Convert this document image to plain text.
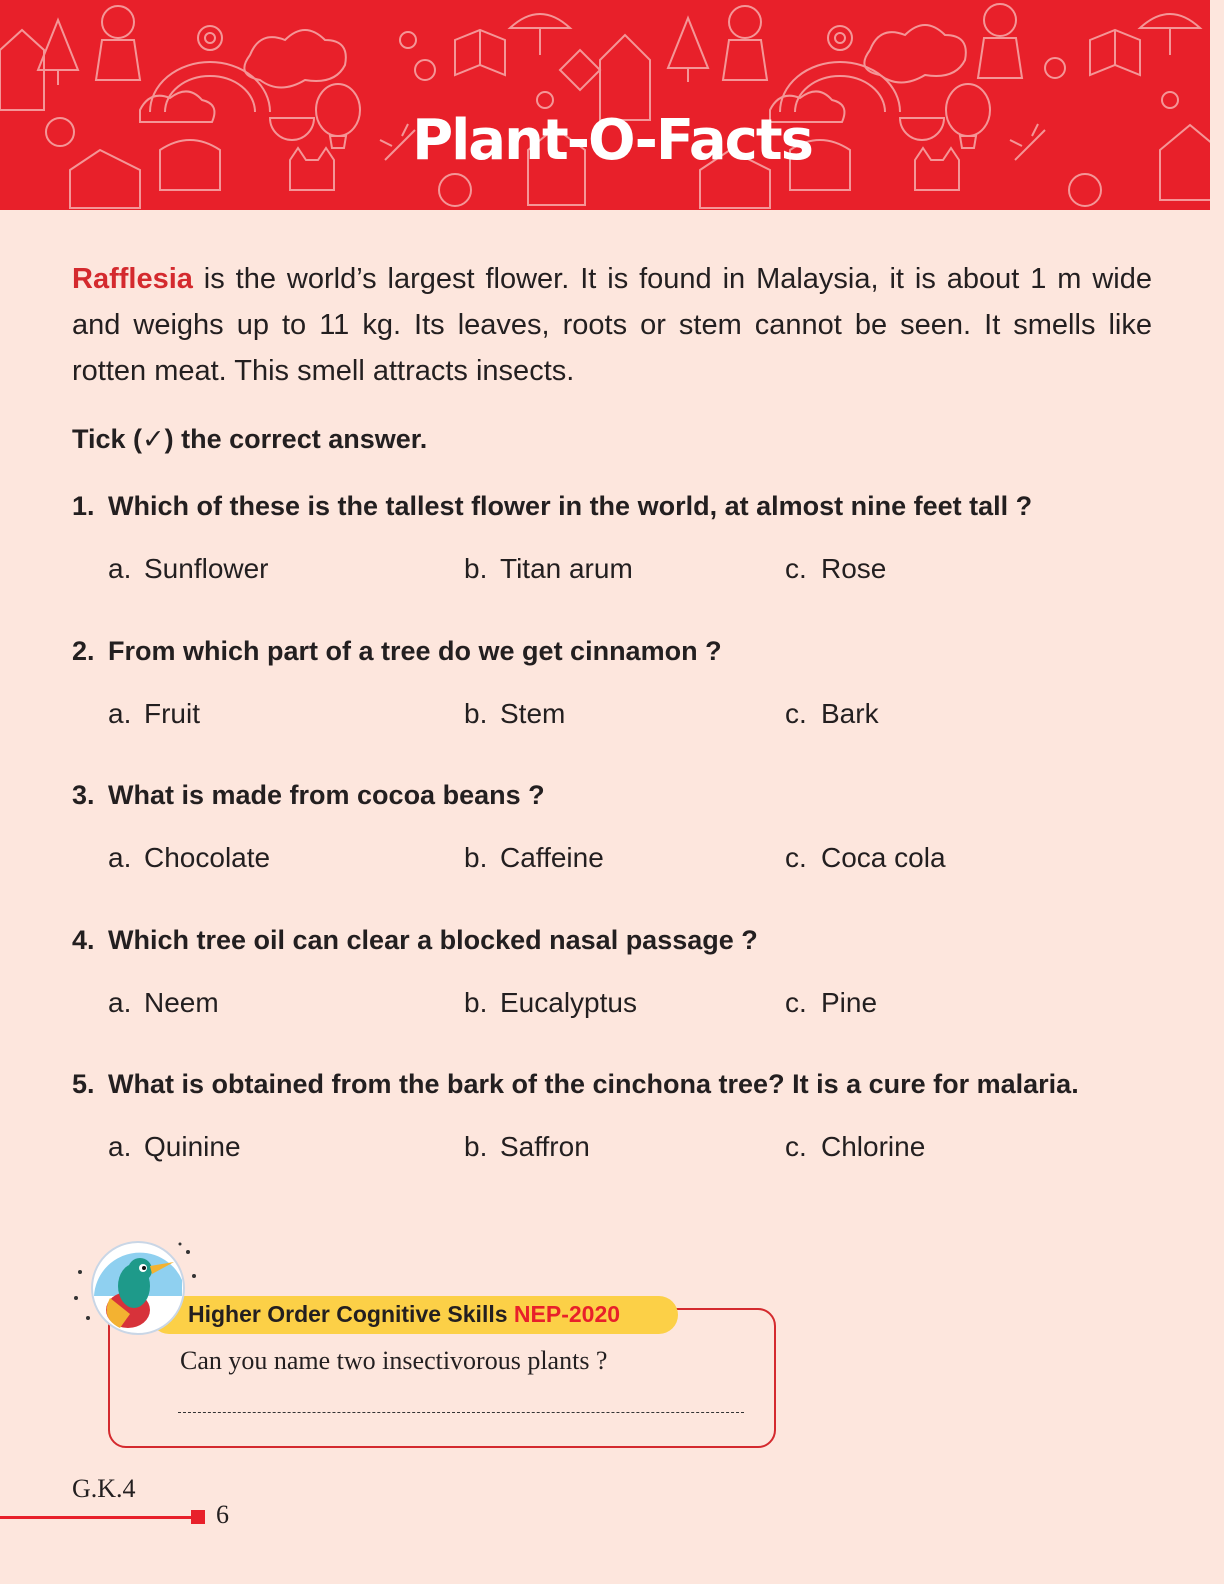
Plant-O-Facts

Rafflesia is the world’s largest flower. It is found in Malaysia, it is about 1 m wide and weighs up to 11 kg. Its leaves, roots or stem cannot be seen. It smells like rotten meat. This smell attracts insects.

Tick (✓) the correct answer.

1. Which of these is the tallest flower in the world, at almost nine feet tall ?
a. Sunflower	b. Titan arum	c. Rose
2. From which part of a tree do we get cinnamon ?
a. Fruit	b. Stem	c. Bark
3. What is made from cocoa beans ?
a. Chocolate	b. Caffeine	c. Coca cola
4. Which tree oil can clear a blocked nasal passage ?
a. Neem	b. Eucalyptus	c. Pine
5. What is obtained from the bark of the cinchona tree? It is a cure for malaria.
a. Quinine	b. Saffron	c. Chlorine
Higher Order Cognitive Skills NEP-2020
Can you name two insectivorous plants ?
G.K.4
6
